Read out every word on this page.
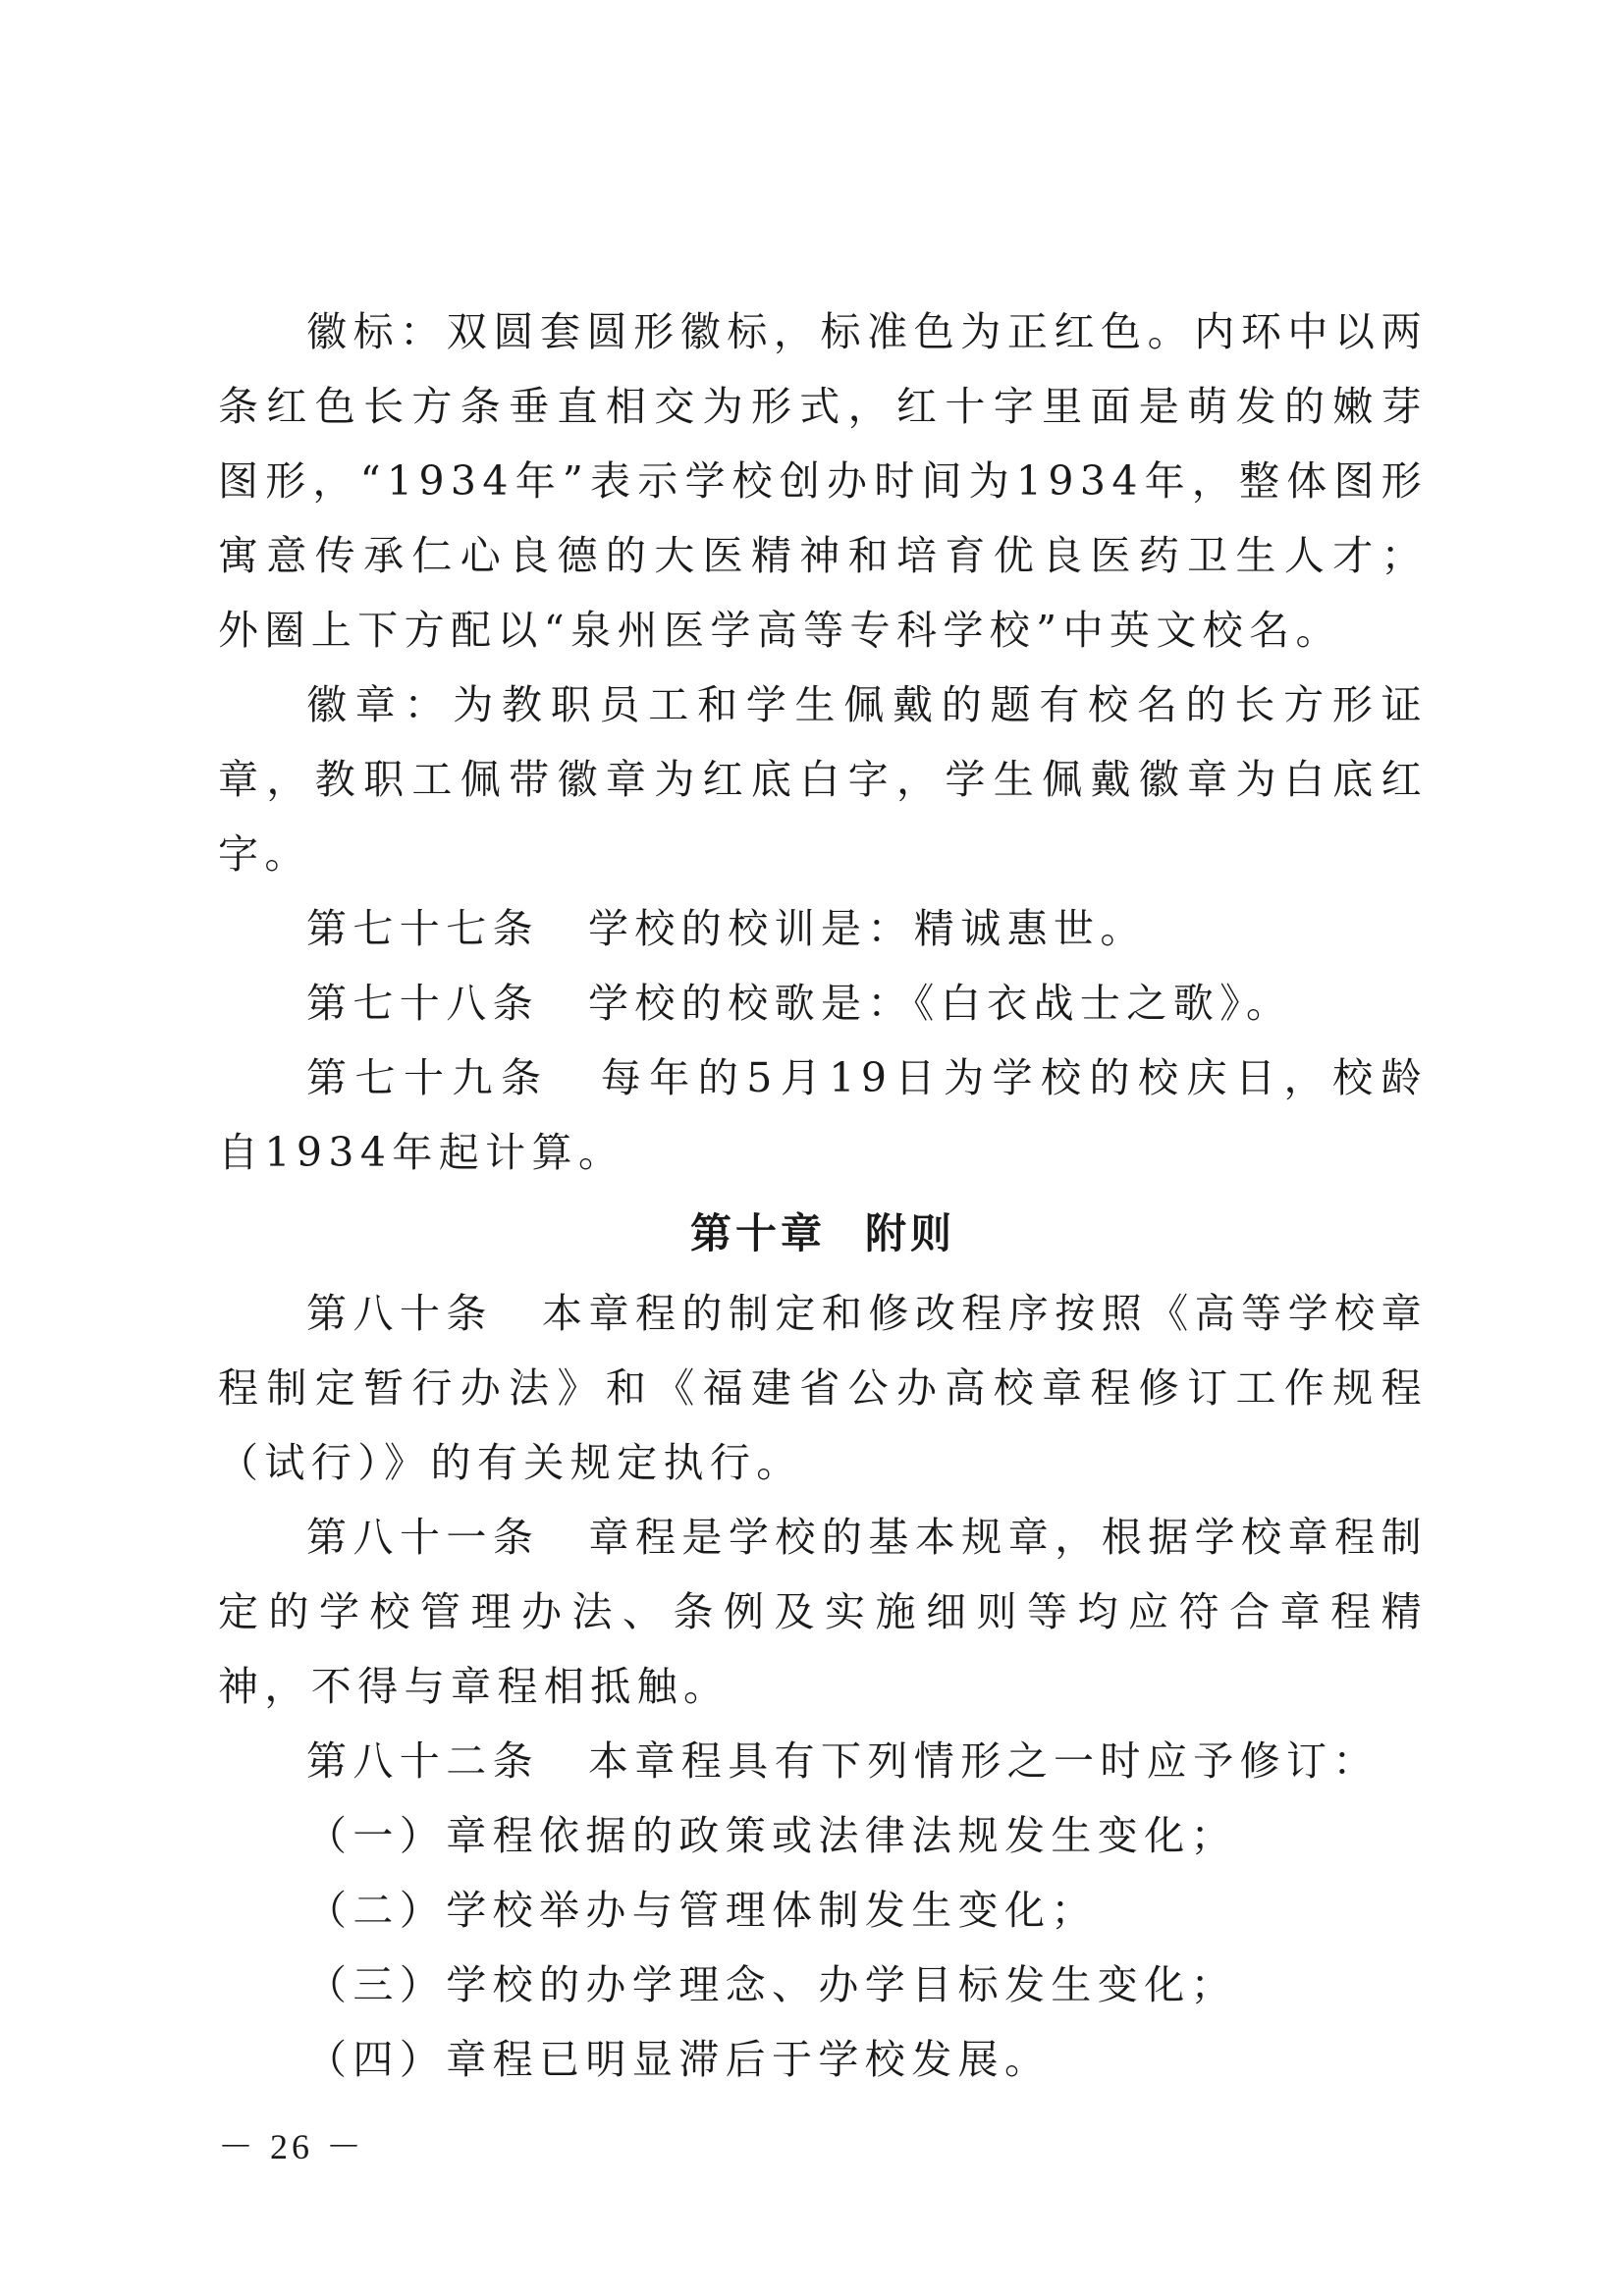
徽标：双圆套圆形徽标，标准色为正红色。内环中以两条红色长方条垂直相交为形式，红十字里面是萌发的嫩芽图形，“1934年”表示学校创办时间为1934年，整体图形寓意传承仁心良德的大医精神和培育优良医药卫生人才；外圈上下方配以“泉州医学高等专科学校”中英文校名。

徽章：为教职员工和学生佩戴的题有校名的长方形证章，教职工佩带徽章为红底白字，学生佩戴徽章为白底红字。

第七十七条 学校的校训是：精诚惠世。

第七十八条 学校的校歌是：《白衣战士之歌》。

第七十九条 每年的5月19日为学校的校庆日，校龄自1934年起计算。

第十章 附则

第八十条 本章程的制定和修改程序按照《高等学校章程制定暂行办法》和《福建省公办高校章程修订工作规程（试行）》的有关规定执行。

第八十一条 章程是学校的基本规章，根据学校章程制定的学校管理办法、条例及实施细则等均应符合章程精神，不得与章程相抵触。

第八十二条 本章程具有下列情形之一时应予修订：

（一）章程依据的政策或法律法规发生变化；

（二）学校举办与管理体制发生变化；

（三）学校的办学理念、办学目标发生变化；

（四）章程已明显滞后于学校发展。

－ 26 －
